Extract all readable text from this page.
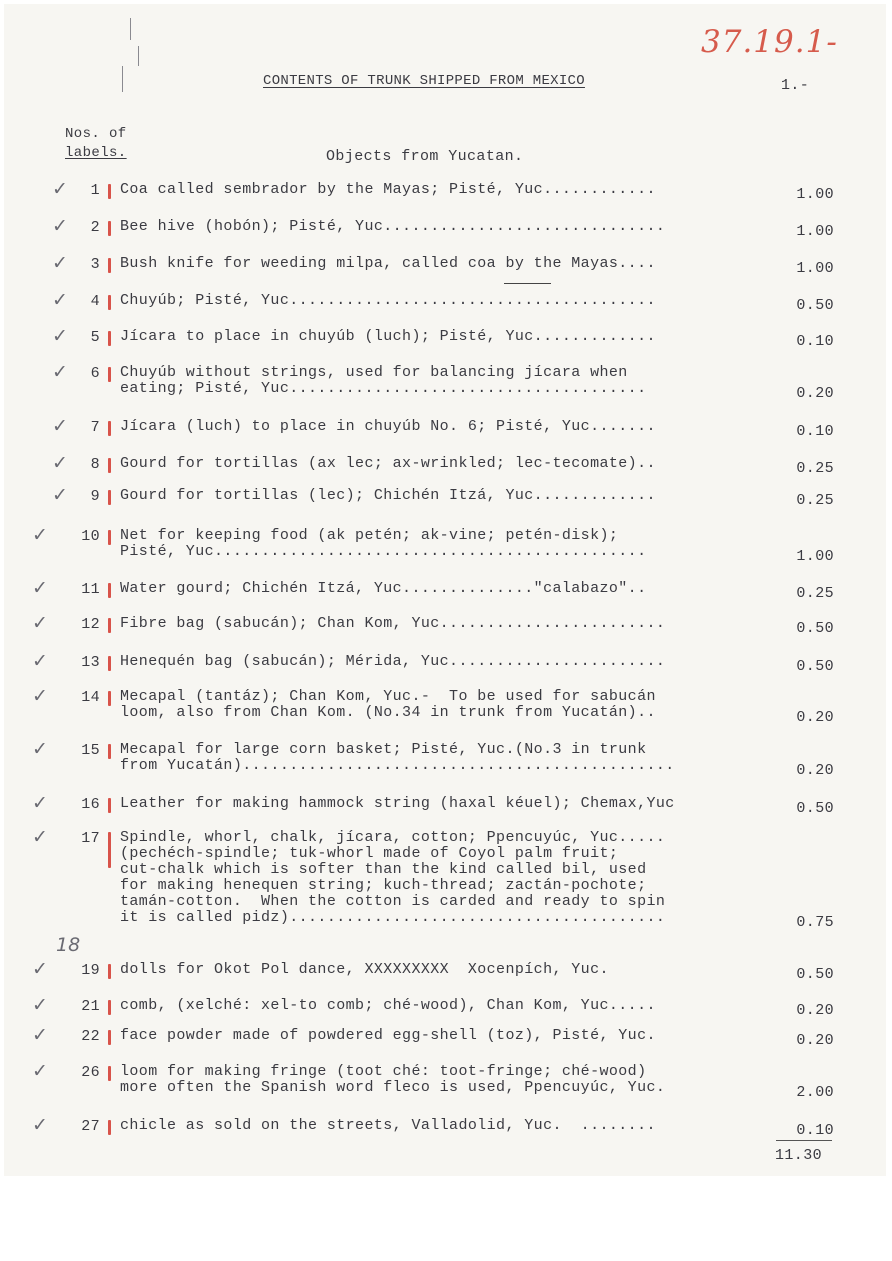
37.19.1-
CONTENTS OF TRUNK SHIPPED FROM MEXICO	1.-
Nos. of
labels.	Objects from Yucatan.
✓	1 Coa called sembrador by the Mayas; Pisté, Yuc............	1.00
✓	2 Bee hive (hobón); Pisté, Yuc..............................	1.00
✓	3 Bush knife for weeding milpa, called coa by the Mayas....	1.00
✓	4 Chuyúb; Pisté, Yuc.......................................	0.50
✓	5 Jícara to place in chuyúb (luch); Pisté, Yuc.............	0.10
✓	6 Chuyúb without strings, used for balancing jícara when
eating; Pisté, Yuc......................................	0.20
✓	7 Jícara (luch) to place in chuyúb No. 6; Pisté, Yuc.......	0.10
✓	8 Gourd for tortillas (ax lec; ax-wrinkled; lec-tecomate)..	0.25
✓	9 Gourd for tortillas (lec); Chichén Itzá, Yuc.............	0.25
✓	10 Net for keeping food (ak petén; ak-vine; petén-disk);
Pisté, Yuc..............................................	1.00
✓	11 Water gourd; Chichén Itzá, Yuc.............."calabazo"..	0.25
✓	12 Fibre bag (sabucán); Chan Kom, Yuc........................	0.50
✓	13 Henequén bag (sabucán); Mérida, Yuc.......................	0.50
✓	14 Mecapal (tantáz); Chan Kom, Yuc.-  To be used for sabucán
loom, also from Chan Kom. (No.34 in trunk from Yucatán)..	0.20
✓	15 Mecapal for large corn basket; Pisté, Yuc.(No.3 in trunk
from Yucatán)..............................................	0.20
✓	16 Leather for making hammock string (haxal kéuel); Chemax,Yuc	0.50
✓	17 Spindle, whorl, chalk, jícara, cotton; Ppencuyúc, Yuc.....
(pechéch-spindle; tuk-whorl made of Coyol palm fruit;
cut-chalk which is softer than the kind called bil, used
for making henequen string; kuch-thread; zactán-pochote;
tamán-cotton.  When the cotton is carded and ready to spin
it is called pidz)........................................	0.75
✓	19 dolls for Okot Pol dance, XXXXXXXXX  Xocenpích, Yuc.	0.50
✓	21 comb, (xelché: xel-to comb; ché-wood), Chan Kom, Yuc.....	0.20
✓	22 face powder made of powdered egg-shell (toz), Pisté, Yuc.	0.20
✓	26 loom for making fringe (toot ché: toot-fringe; ché-wood)
more often the Spanish word fleco is used, Ppencuyúc, Yuc.	2.00
✓	27 chicle as sold on the streets, Valladolid, Yuc.  ........	0.10
18
11.30
